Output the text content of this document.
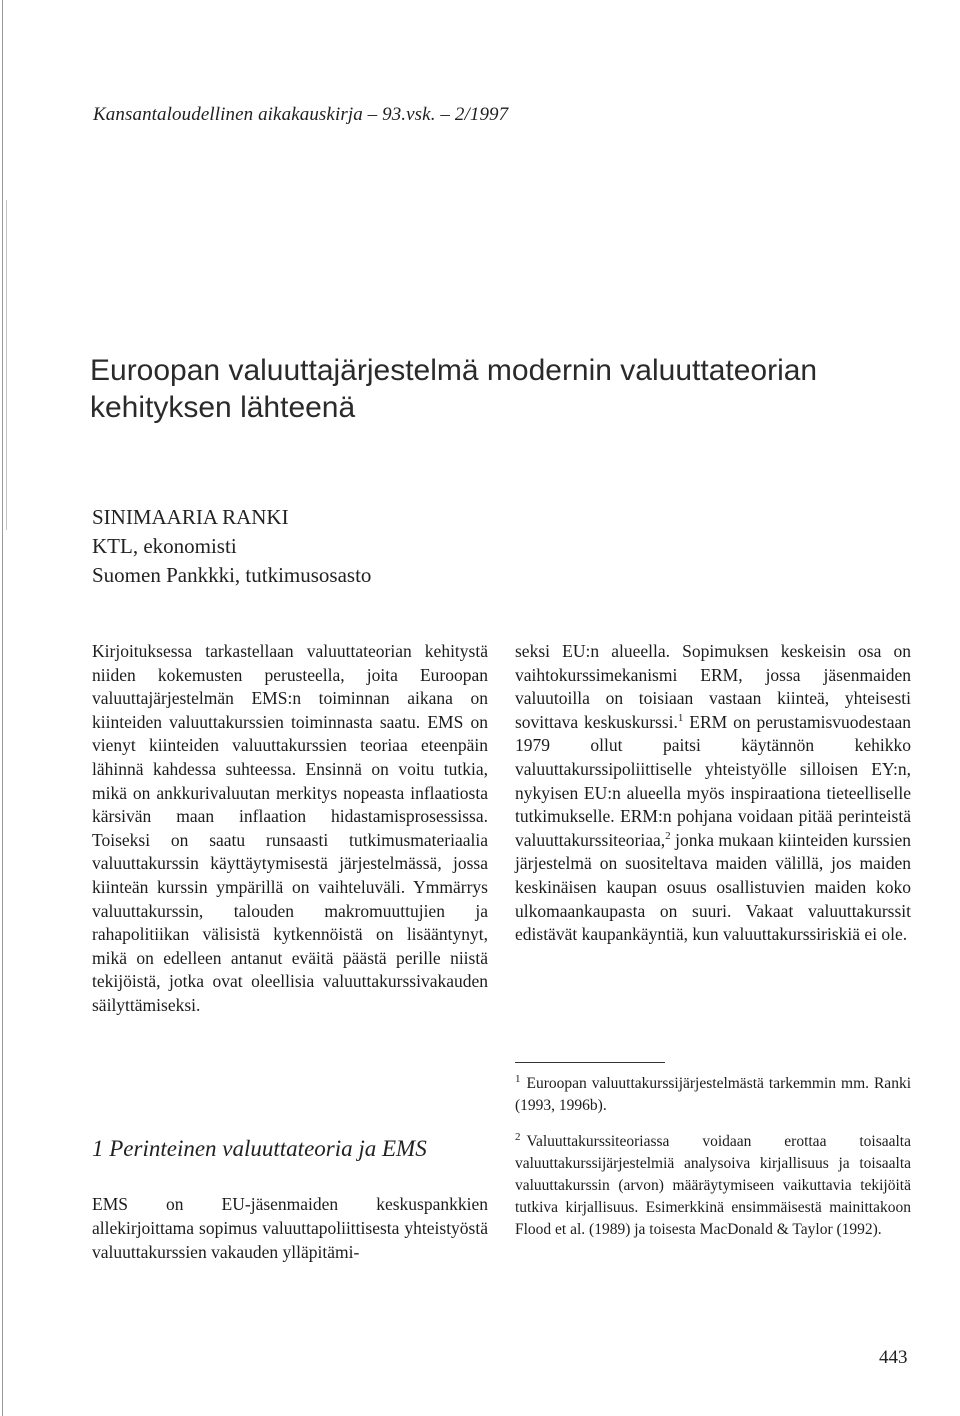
Kansantaloudellinen aikakauskirja – 93.vsk. – 2/1997
Euroopan valuuttajärjestelmä modernin valuuttateorian kehityksen lähteenä
SINIMAARIA RANKI
KTL, ekonomisti
Suomen Pankkki, tutkimusosasto

Kirjoituksessa tarkastellaan valuuttateorian kehitystä niiden kokemusten perusteella, joita Euroopan valuuttajärjestelmän EMS:n toiminnan aikana on kiinteiden valuuttakurssien toiminnasta saatu. EMS on vienyt kiinteiden valuuttakurssien teoriaa eteenpäin lähinnä kahdessa suhteessa. Ensinnä on voitu tutkia, mikä on ankkurivaluutan merkitys nopeasta inflaatiosta kärsivän maan inflaation hidastamisprosessissa. Toiseksi on saatu runsaasti tutkimusmateriaalia valuuttakurssin käyttäytymisestä järjestelmässä, jossa kiinteän kurssin ympärillä on vaihteluväli. Ymmärrys valuuttakurssin, talouden makromuuttujien ja rahapolitiikan välisistä kytkennöistä on lisääntynyt, mikä on edelleen antanut eväitä päästä perille niistä tekijöistä, jotka ovat oleellisia valuuttakurssivakauden säilyttämiseksi.

1 Perinteinen valuuttateoria ja EMS

EMS on EU-jäsenmaiden keskuspankkien allekirjoittama sopimus valuuttapoliittisesta yhteistyöstä valuuttakurssien vakauden ylläpitämi-

seksi EU:n alueella. Sopimuksen keskeisin osa on vaihtokurssimekanismi ERM, jossa jäsenmaiden valuutoilla on toisiaan vastaan kiinteä, yhteisesti sovittava keskuskurssi.$^1$ ERM on perustamisvuodestaan 1979 ollut paitsi käytännön kehikko valuuttakurssipoliittiselle yhteistyölle silloisen EY:n, nykyisen EU:n alueella myös inspiraationa tieteelliselle tutkimukselle. ERM:n pohjana voidaan pitää perinteistä valuuttakurssiteoriaa,$^2$ jonka mukaan kiinteiden kurssien järjestelmä on suositeltava maiden välillä, jos maiden keskinäisen kaupan osuus osallistuvien maiden koko ulkomaankaupasta on suuri. Vakaat valuuttakurssit edistävät kaupankäyntiä, kun valuuttakurssiriskiä ei ole.

$^1$ Euroopan valuuttakurssijärjestelmästä tarkemmin mm. Ranki (1993, 1996b).

$^2$ Valuuttakurssiteoriassa voidaan erottaa toisaalta valuuttakurssijärjestelmiä analysoiva kirjallisuus ja toisaalta valuuttakurssin (arvon) määräytymiseen vaikuttavia tekijöitä tutkiva kirjallisuus. Esimerkkinä ensimmäisestä mainittakoon Flood et al. (1989) ja toisesta MacDonald & Taylor (1992).

443
